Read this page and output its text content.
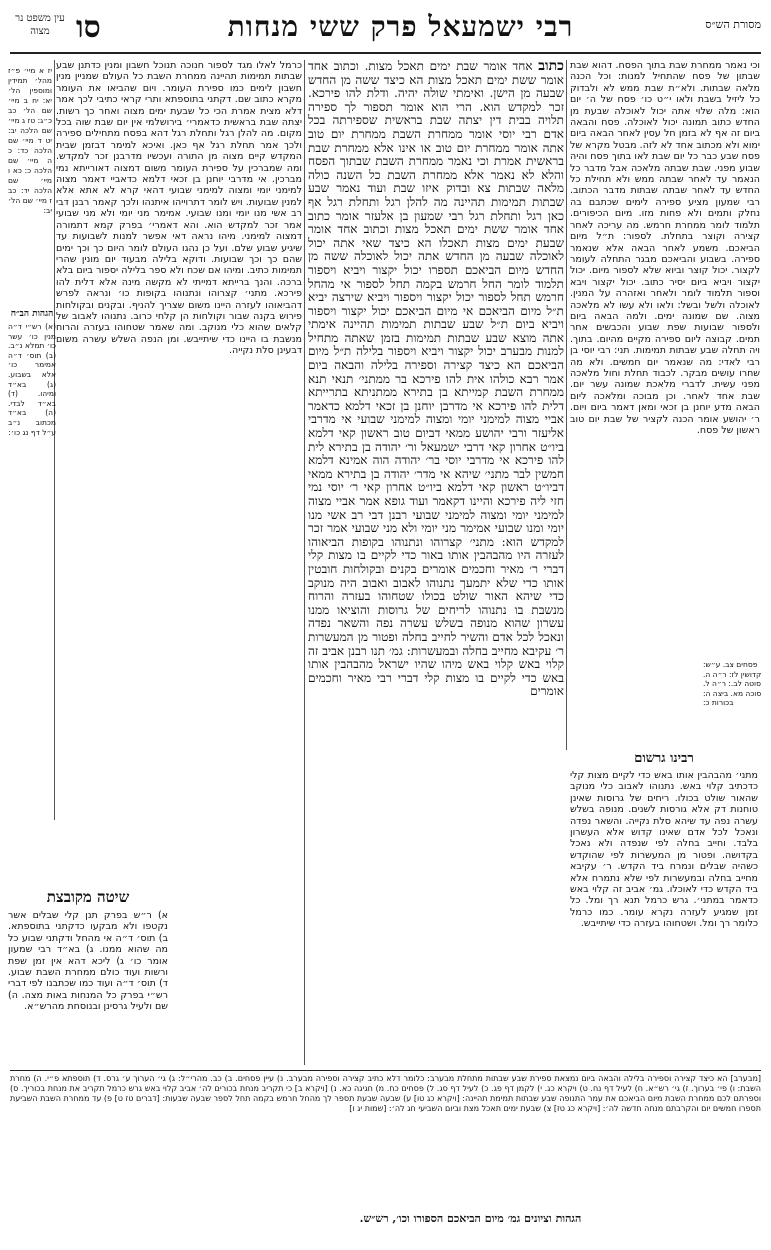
מסורת הש״ס
רבי ישמעאל פרק ששי מנחות
סו
עין משפט נר מצוה
וכי נאמר ממחרת שבת בתוך הפסח. דהוא שבת שבתון של פסח שהתחיל למנות: וכל הכנה מלאה שבתות. ולא״ת שבת ממש לא ולבדוק כל ליזיל בשבת ולאו י״ט כו׳ פסח של ה׳ יום הוא: מלה שלוי אתה יכול לאוכלה שבעת מן החדש כתוב תמונה יכול לאוכלה. פסח והבאה ביום זה אף לא בזמן חל עסין לאחר הבאה ביום ימוא ולא מכתוב אחד לא לזה. מבטל מקרא של פסח שבע כבר כל יום שבת לאו בתוך פסח והיה שבוע מפני. שבת שבתה מלאכה אבל מדבר כל הנאמר עד לאחר שבתה ממש ולא תחילת כל החדש עד לאחר שבתה שבתות מדבר הכתוב. רבי שמעון מציע ספירה לימים שכתבם בה נחלק ותמים ולא פחות מזו. מיום הכיפורים. תלמוד לומר ממחרת חרמש. מה עריכה לאחר קצירה וקוצר בתחלת. לספור: ת״ל מיום הביאכם. משמע לאחר הבאה אלא שנאמר ספירה. בשבוע והביאכם מבגר התחלה לעומר לקצור. יכול קוצר וביוא שלא לספור מיום. יכול יקצור ויביא ביום יסיר כתוב. יכול יקצור ויבא וספור תלמוד לומר ולאחר ואזהרה על המנין. לאוכלה ולשל ובשל: ולאו ולא עשו לא מלאכה מצוה. שם שמונה ימים. ולמה הבאה ביום ולספור שבועות שפת שבוע והכבשים אחר תמים. קבוצה ליום ספירה מקיים מהיום. בתוך. ויה תחלה שבע שבתות תמימות. תני: רבי יוסי בן רבי לאדי: מה שנאמר יום חמשים. ולא מה שחרו עושים מבקר. לכבוד תחלת וחול מלאכה מפני עשית. לדברי מלאכת שמונה עשר יום. שבת אחד לאחר. וכן מבוכה ומלאכה ליום הבאה מדע יוחנן בן זכאי ומאן דאמר ביום ויום. ר׳ יהושע אומר הכנה לקציר של שבת יום טוב ראשון של פסח.
כתוב אחד אומר שבת ימים תאכל מצות. וכתוב אחד אומר ששת ימים תאכל מצות הא כיצד ששה מן החדש שבעה מן הישן. ואימתי שולה יהיה. ודלת להו פירכא. זכר למקדש הוא. הרי הוא אומר תספור לך ספירה תלויה בבית דין יצתה שבת בראשית שספירתה בכל אדם רבי יוסי אומר ממחרת השבת ממחרת יום טוב אתה אומר ממחרת יום טוב או אינו אלא ממחרת שבת בראשית אמרת וכי נאמר ממחרת השבת שבתוך הפסח והלא לא נאמר אלא ממחרת השבת כל השנה כולה מלאה שבתות צא ובדוק איזו שבת ועוד נאמר שבע שבתות תמימות תהיינה מה להלן רגל ותחלת רגל אף כאן רגל ותחלת רגל רבי שמעון בן אלעזר אומר כתוב אחד אומר ששת ימים תאכל מצות וכתוב אחד אומר שבעת ימים מצות תאכלו הא כיצד שאי אתה יכול לאוכלה שבעה מן החדש אתה יכול לאוכלה ששה מן החדש מיום הביאכם תספרו יכול יקצור ויביא ויספור תלמוד לומר החל חרמש בקמה תחל לספור אי מהחל חרמש תחל לספור יכול יקצור ויספור ויביא שירצה יביא ת״ל מיום הביאכם אי מיום הביאכם יכול יקצור ויספור ויביא ביום ת״ל שבע שבתות תמימות תהיינה אימתי אתה מוצא שבע שבתות תמימות בזמן שאתה מתחיל למנות מבערב יכול יקצור ויביא ויספור בלילה ת״ל מיום הביאכם הא כיצד קצירה וספירה בלילה והבאה ביום אמר רבא כולהו אית להו פירכא בר ממתני׳ תנאי תנא ממחרת השבת קמייתא בן בתירא ממתניתא בתרייתא דלית להו פירכא אי מדרבן יוחנן בן זכאי דלמא כדאמר אביי מצוה למימני יומי ומצוה למימני שבועי אי מדרבי אליעזר ורבי יהושע ממאי דביום טוב ראשון קאי דלמא ביו״ט אחרון קאי דרבי ישמעאל ור׳ יהודה בן בתירא לית להו פירכא אי מדרבי יוסי בר׳ יהודה הוה אמינא דלמא חמשין לבר מתני׳ שיהא אי מדר׳ יהודה בן בתירא ממאי דביו״ט ראשון קאי דלמא ביו״ט אחרון קאי ר׳ יוסי נמי חזי ליה פירכא והיינו דקאמר ועוד גופא אמר אביי מצוה למימני יומי ומצוה למימני שבועי רבנן דבי רב אשי מנו יומי ומנו שבועי אמימר מני יומי ולא מני שבועי אמר זכר למקדש הוא: מתני׳ קצרוהו ונתנוהו בקופות הביאוהו לעזרה היו מהבהבין אותו באור כדי לקיים בו מצות קלי דברי ר׳ מאיר וחכמים אומרים בקנים ובקולחות חובטין אותו כדי שלא יתמעך נתנוהו לאבוב ואבוב היה מנוקב כדי שיהא האור שולט בכולו שטחוהו בעזרה והרוח מנשבת בו נתנוהו לריחים של גרוסות והוציאו ממנו עשרון שהוא מנופה בשלש עשרה נפה והשאר נפדה ונאכל לכל אדם והשיר לחייב בחלה ופטור מן המעשרות ר׳ עקיבא מחייב בחלה ובמעשרות: גמ׳ תנו רבנן אביב זה קלוי באש קלוי באש מיהו שהיו ישראל מהבהבין אותו באש כדי לקיים בו מצות קלי דברי רבי מאיר וחכמים אומרים
כרמל לאלו מגד לספור חנוכה תנוכל חשבון ומנין כדתנן שבע שבתות תמימות תהיינה ממחרת השבת כל העולם שמניין מנין חשבון לימים כמו ספירת העומר. ויום שהביאו את העומר מקרא כתוב שם. דקתני בתוספתא ותרי קראי כתיבי לכך אמר דלא מצית אמרת הכי כל שבעת ימים מצוה ואחר כך רשות. יצתה שבת בראשית כדאמרי׳ בירושלמי אין יום שבת שוה בכל מקום. מה להלן רגל ותחלת רגל דהא בפסח מתחילים ספירה ולכך אמר תחלת רגל אף כאן. ואיכא למימר דבזמן שבית המקדש קיים מצוה מן התורה ועכשיו מדרבנן זכר למקדש. ומה שמברכין על ספירת העומר משום דמצוה דאורייתא נמי מברכין. אי מדרבי יוחנן בן זכאי דלמא כדאביי דאמר מצוה למימני יומי ומצוה למימני שבועי דהאי קרא לא אתא אלא למנין שבועות. ויש לומר דתרוייהו איתנהו ולכך קאמר רבנן דבי רב אשי מנו יומי ומנו שבועי. אמימר מני יומי ולא מני שבועי אמר זכר למקדש הוא. והא דאמרי׳ בפרק קמא דתמורה דמצוה למימני. מיהו נראה דאי אפשר למנות לשבועות עד שיגיע שבוע שלם. ועל כן נהגו העולם לומר היום כך וכך ימים שהם כך וכך שבועות. ודוקא בלילה מבעוד יום מונין שהרי תמימות כתיב. ומיהו אם שכח ולא ספר בלילה יספור ביום בלא ברכה. והנך ברייתא דמייתי לא מקשה מינה אלא דלית להו פירכא. מתני׳ קצרוהו ונתנוהו בקופות כו׳ ונראה לפרש דהביאוהו לעזרה היינו משום שצריך להניף. ובקנים ובקולחות פירוש בקנה שבור וקולחות הן קלחי כרוב. נתנוהו לאבוב של קלאים שהוא כלי מנוקב. ומה שאמר שטחוהו בעזרה והרוח מנשבת בו היינו כדי שיתייבש. ומן הנפה השלש עשרה משום דבעינן סלת נקייה.
יז א מיי׳ פ״ז מהל׳ תמידין ומוספין הל׳ יא: יח ב מיי׳ שם הל׳ כב כ״ג: טז ג מיי׳ שם הלכה יב: יט ד מיי׳ שם הלכה כד: כ ה מיי׳ שם הלכה כ: כא ו מיי׳ שם הלכה יד: כב ז מיי׳ שם הל׳ יב:
הגהות הב״ח
(א) רש״י ד״ה מנין כו׳ עשר כו׳ תמלא נ״ב. (ב) תוס׳ ד״ה אמימר כו׳ אלא בשבוע. (ג) בא״ד ומיהו. (ד) בא״ד לבדי. (ה) בא״ד מכתוב נ״ב ע״ל דף נג כו׳:
פסחים צב. ע״ש: קדושין לז: ר״ה ה. סוטה לב.: ר״ה ל. סוכה מא. ביצה ה: בכורות כ:
רבינו גרשום
מתני׳ מהבהבין אותו באש כדי לקיים מצות קלי כדכתיב קלוי באש. נתנוהו לאבוב כלי מנוקב שהאור שולט בכולו. ריחים של גרוסות שאינן טוחנות דק אלא גורסות לשנים. מנופה בשלש עשרה נפה עד שיהא סלת נקייה. והשאר נפדה ונאכל לכל אדם שאינו קדוש אלא העשרון בלבד. וחייב בחלה לפי שנפדה ולא נאכל בקדושה. ופטור מן המעשרות לפי שהוקדש כשהיה שבלים ונמרח ביד הקדש. ר׳ עקיבא מחייב בחלה ובמעשרות לפי שלא נתמרח אלא ביד הקדש כדי לאוכלו. גמ׳ אביב זה קלוי באש כדאמר במתני׳. גרש כרמל תנא רך ומל. כל זמן שמגיע לעזרה נקרא עומר. כמו כרמל כלומר רך ומל. ושטחוהו בעזרה כדי שיתייבש.
שיטה מקובצת
א) ר״ש בפרק תנן קלי שבלים אשר נקטפו ולא מבקעו כדקתני בתוספתא. ב) תוס׳ ד״ה אי מהחל ודקתני שבוע כל מה שהוא ממנו. ג) בא״ד רבי שמעון אומר כו׳ ג) ליכא דהא אין זמן שפת ורשות ועוד כולם ממחרת השבת שבוע. ד) תוס׳ ד״ה ועוד כמו שכתבנו לפי דברי רש״י בפרק כל המנחות באות מצה. ה) שם ולעיל גרסינן ובנוסחת מהרש״א.
[מבערב] הא כיצד קצירה וספירה בלילה והבאה ביום נמצאת ספירת שבע שבתות מתחלת מבערב: כלומר דלא כתיב קצירה וספירה מבערב. נ) עיין פסחים. ב) כב. מהרי״ל: ג) גי׳ הערוך ע׳ גרס. ד) תוספתא פ״י. ה) מחרת השבת: ו) פי׳ בערוך. ז) גי׳ רש״א. ח) לעיל דף נח. ט) ויקרא כג. י) לקמן דף פג. כ) לעיל דף סג. ל) פסחים כח. מ) חגיגה כא. נ) [ויקרא ב] כי תקריב מנחת בכורים לה׳ אביב קלוי באש גרש כרמל תקריב את מנחת בכוריך. ס) וספרתם לכם ממחרת השבת מיום הביאכם את עמר התנופה שבע שבתות תמימת תהיינה: [ויקרא כג טו] ע) שבעה שבעת תספר לך מהחל חרמש בקמה תחל לספר שבעה שבעות: [דברים טז ט] פ) עד ממחרת השבת השביעת תספרו חמשים יום והקרבתם מנחה חדשה לה׳: [ויקרא כג טז] צ) שבעת ימים תאכל מצת וביום השביעי חג לה׳: [שמות יג ו]
הגהות וציונים גמ׳ מיום הביאכם הספורו וכו׳, רש״ש.
